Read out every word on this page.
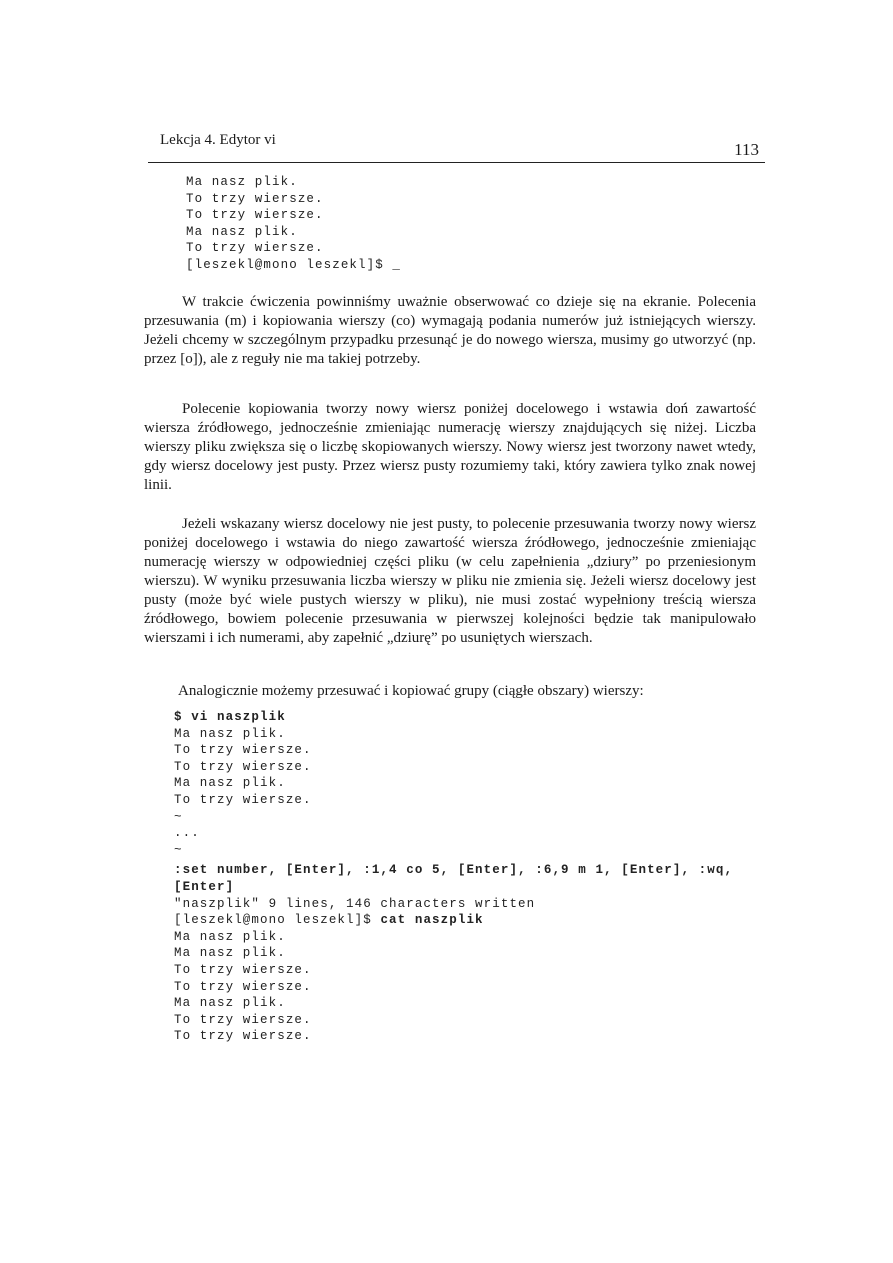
Lekcja 4. Edytor vi	113
Ma nasz plik.
To trzy wiersze.
To trzy wiersze.
Ma nasz plik.
To trzy wiersze.
[leszekl@mono leszekl]$ _

W trakcie ćwiczenia powinniśmy uważnie obserwować co dzieje się na ekranie. Polecenia przesuwania (m) i kopiowania wierszy (co) wymagają podania numerów już istniejących wierszy. Jeżeli chcemy w szczególnym przypadku przesunąć je do nowego wiersza, musimy go utworzyć (np. przez [o]), ale z reguły nie ma takiej potrzeby.

Polecenie kopiowania tworzy nowy wiersz poniżej docelowego i wstawia doń zawartość wiersza źródłowego, jednocześnie zmieniając numerację wierszy znajdujących się niżej. Liczba wierszy pliku zwiększa się o liczbę skopiowanych wierszy. Nowy wiersz jest tworzony nawet wtedy, gdy wiersz docelowy jest pusty. Przez wiersz pusty rozumiemy taki, który zawiera tylko znak nowej linii.

Jeżeli wskazany wiersz docelowy nie jest pusty, to polecenie przesuwania tworzy nowy wiersz poniżej docelowego i wstawia do niego zawartość wiersza źródłowego, jednocześnie zmieniając numerację wierszy w odpowiedniej części pliku (w celu zapełnienia „dziury” po przeniesionym wierszu). W wyniku przesuwania liczba wierszy w pliku nie zmienia się. Jeżeli wiersz docelowy jest pusty (może być wiele pustych wierszy w pliku), nie musi zostać wypełniony treścią wiersza źródłowego, bowiem polecenie przesuwania w pierwszej kolejności będzie tak manipulowało wierszami i ich numerami, aby zapełnić „dziurę” po usuniętych wierszach.

Analogicznie możemy przesuwać i kopiować grupy (ciągłe obszary) wierszy:
$ vi naszplik
Ma nasz plik.
To trzy wiersze.
To trzy wiersze.
Ma nasz plik.
To trzy wiersze.
~
...
~
:set number, [Enter], :1,4 co 5, [Enter], :6,9 m 1, [Enter], :wq,
[Enter]
"naszplik" 9 lines, 146 characters written
[leszekl@mono leszekl]$ cat naszplik
Ma nasz plik.
Ma nasz plik.
To trzy wiersze.
To trzy wiersze.
Ma nasz plik.
To trzy wiersze.
To trzy wiersze.
